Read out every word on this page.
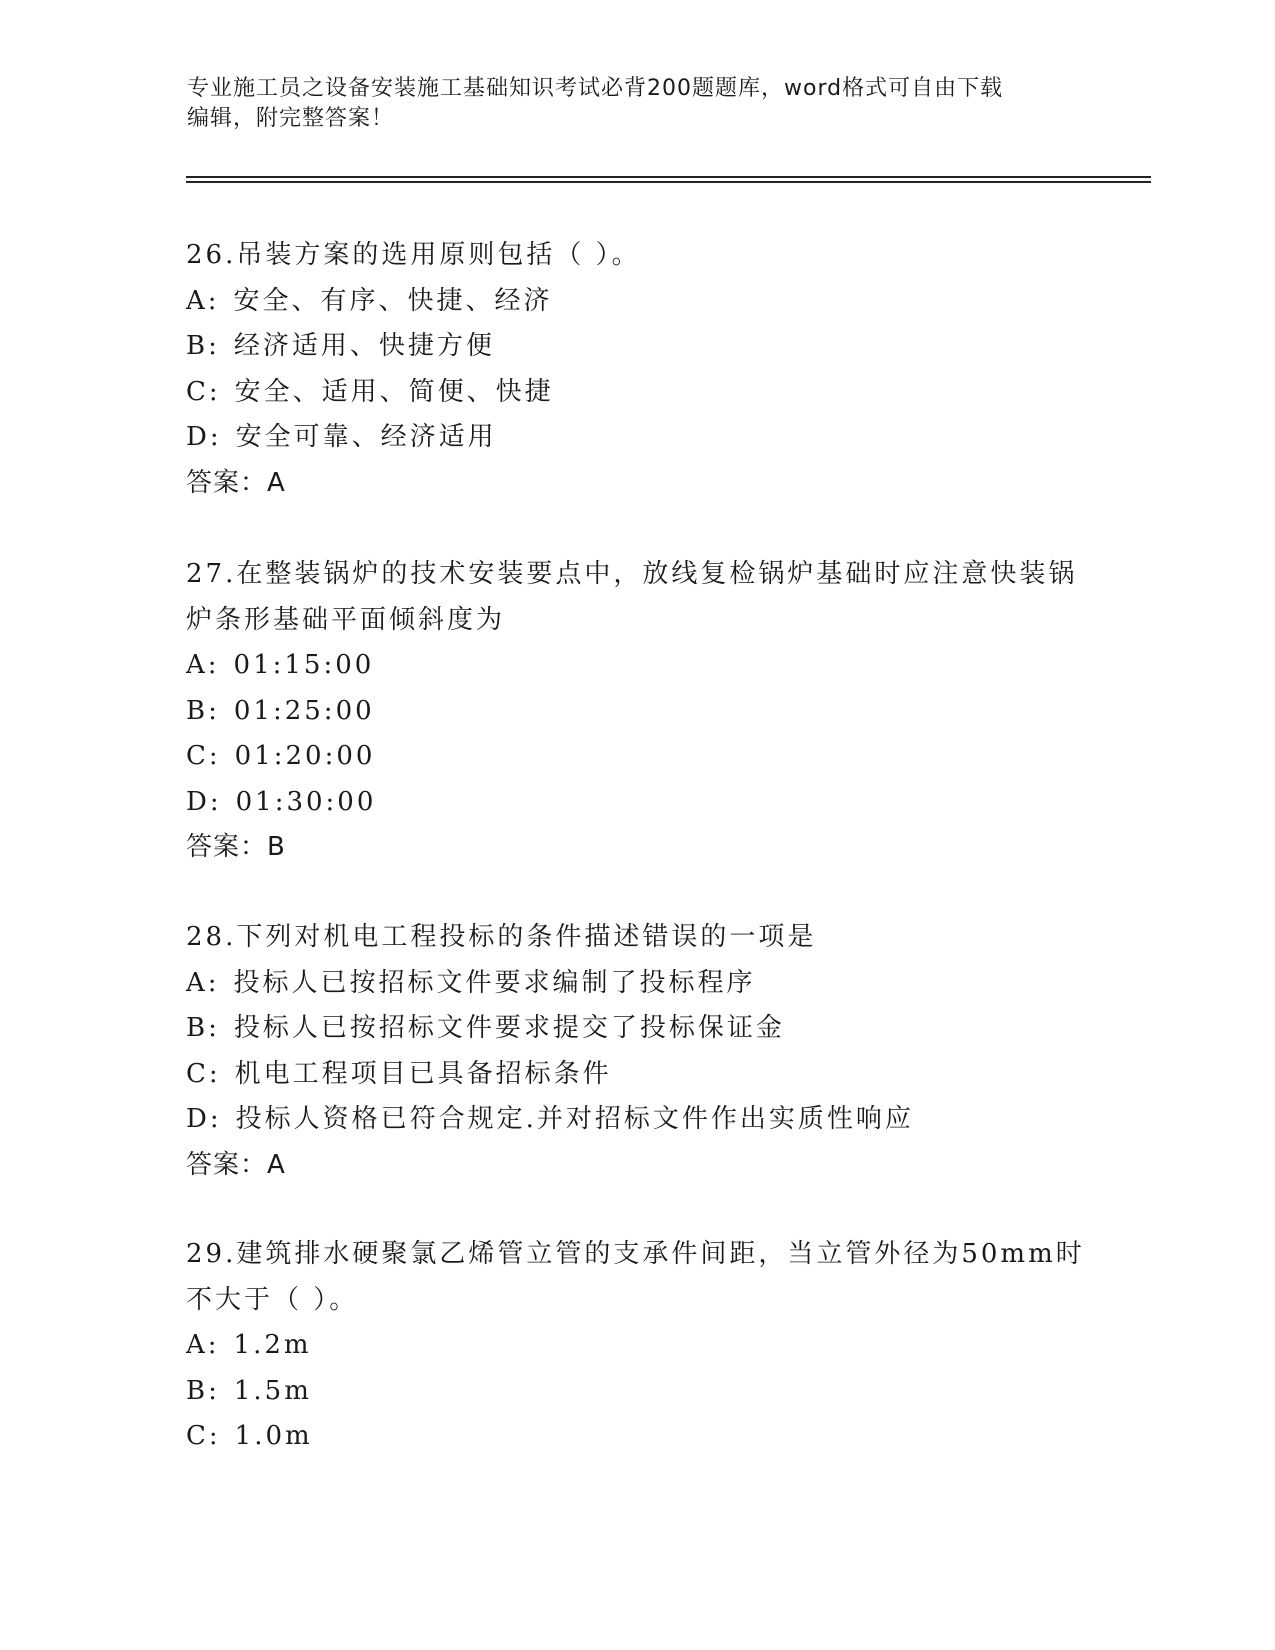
专业施工员之设备安装施工基础知识考试必背200题题库，word格式可自由下载
编辑，附完整答案！
26.吊装方案的选用原则包括（ ）。
A: 安全、有序、快捷、经济
B: 经济适用、快捷方便
C: 安全、适用、简便、快捷
D: 安全可靠、经济适用
答案：A
27.在整装锅炉的技术安装要点中，放线复检锅炉基础时应注意快装锅炉条形基础平面倾斜度为
A: 01:15:00
B: 01:25:00
C: 01:20:00
D: 01:30:00
答案：B
28.下列对机电工程投标的条件描述错误的一项是
A: 投标人已按招标文件要求编制了投标程序
B: 投标人已按招标文件要求提交了投标保证金
C: 机电工程项目已具备招标条件
D: 投标人资格已符合规定.并对招标文件作出实质性响应
答案：A
29.建筑排水硬聚氯乙烯管立管的支承件间距，当立管外径为50mm时不大于（ ）。
A: 1.2m
B: 1.5m
C: 1.0m
